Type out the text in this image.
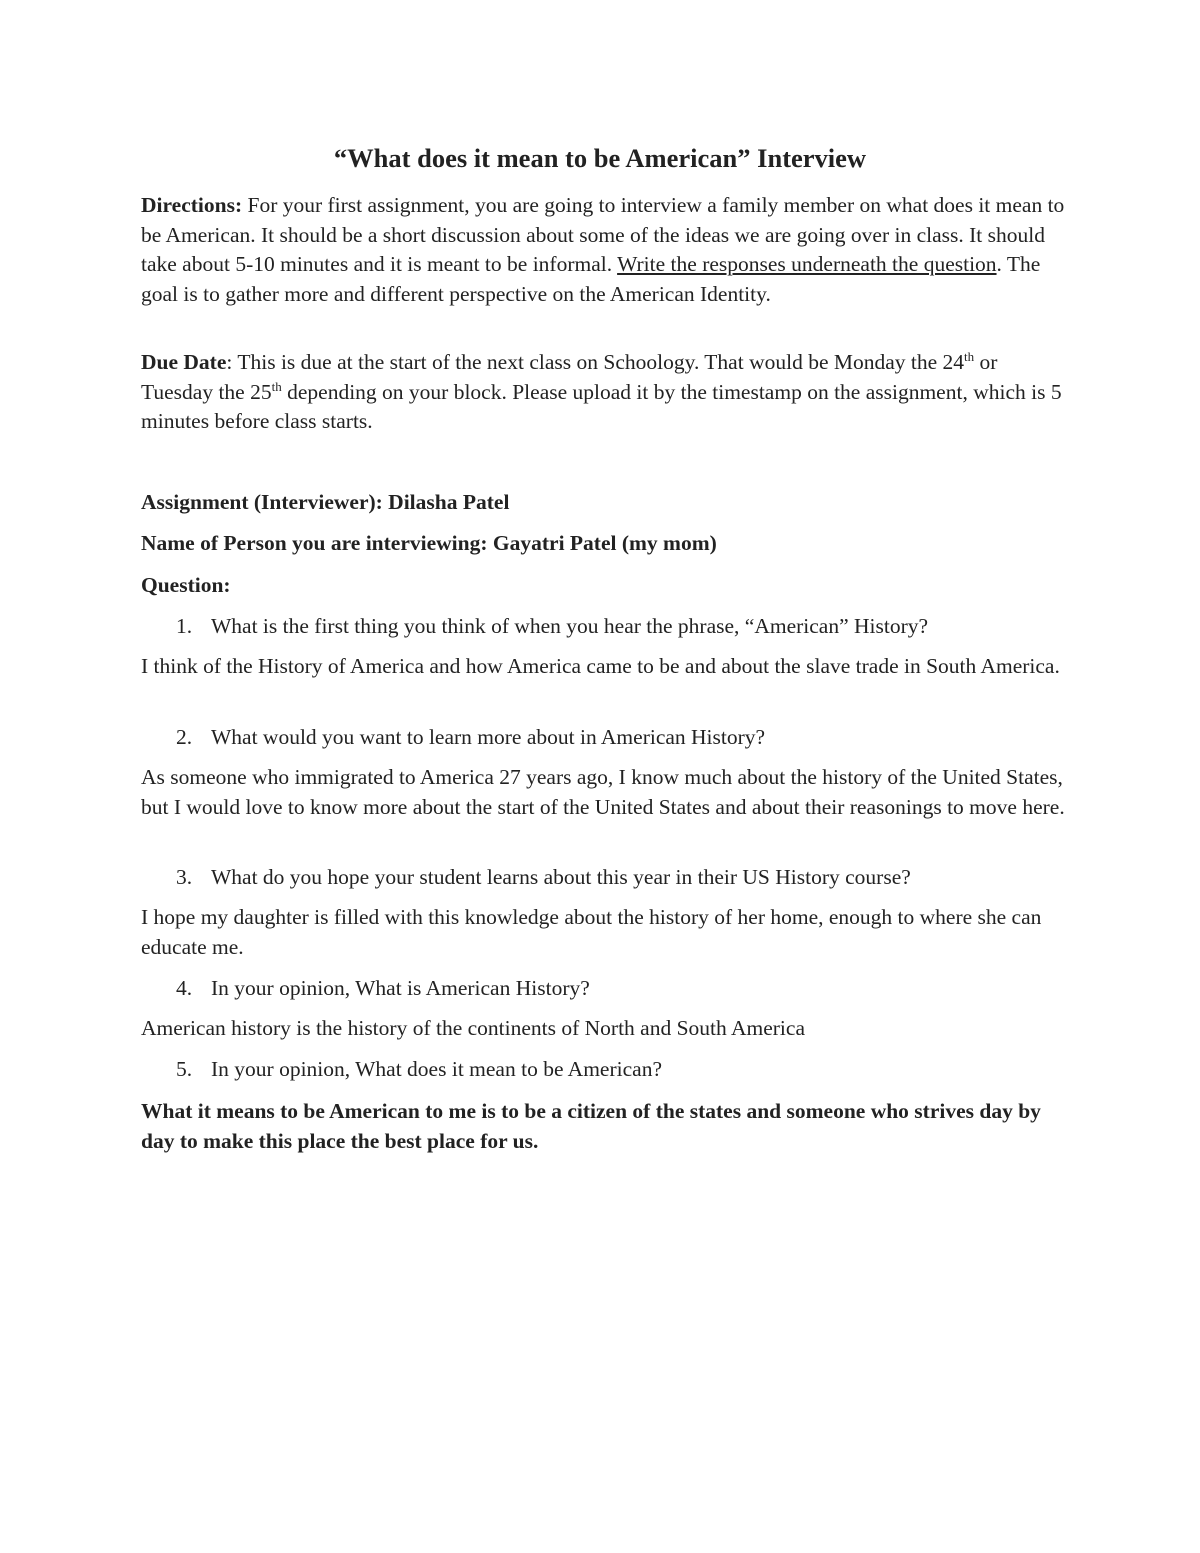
“What does it mean to be American” Interview

Directions: For your first assignment, you are going to interview a family member on what does it mean to be American. It should be a short discussion about some of the ideas we are going over in class. It should take about 5-10 minutes and it is meant to be informal. Write the responses underneath the question. The goal is to gather more and different perspective on the American Identity.

Due Date: This is due at the start of the next class on Schoology. That would be Monday the 24th or Tuesday the 25th depending on your block. Please upload it by the timestamp on the assignment, which is 5 minutes before class starts.

Assignment (Interviewer): Dilasha Patel

Name of Person you are interviewing: Gayatri Patel (my mom)

Question:

1. What is the first thing you think of when you hear the phrase, “American” History?

I think of the History of America and how America came to be and about the slave trade in South America.

2. What would you want to learn more about in American History?

As someone who immigrated to America 27 years ago, I know much about the history of the United States, but I would love to know more about the start of the United States and about their reasonings to move here.

3. What do you hope your student learns about this year in their US History course?

I hope my daughter is filled with this knowledge about the history of her home, enough to where she can educate me.

4. In your opinion, What is American History?

American history is the history of the continents of North and South America

5. In your opinion, What does it mean to be American?

What it means to be American to me is to be a citizen of the states and someone who strives day by day to make this place the best place for us.
